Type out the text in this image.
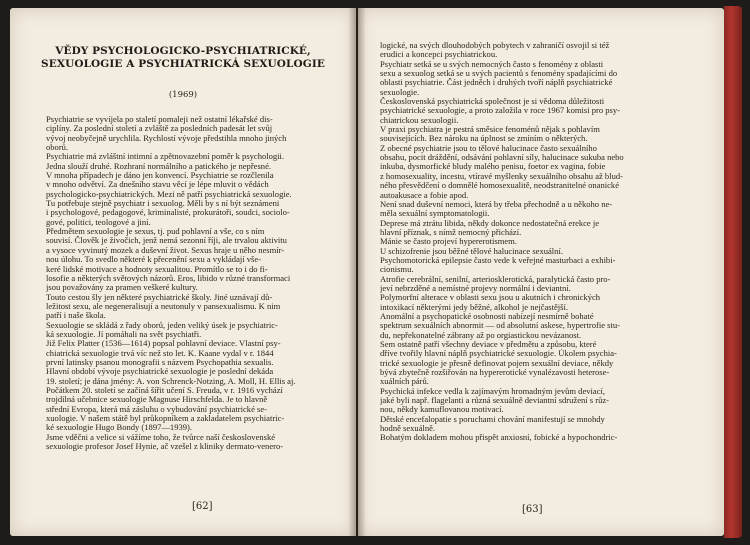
VĚDY PSYCHOLOGICKO-PSYCHIATRICKÉ,
SEXUOLOGIE A PSYCHIATRICKÁ SEXUOLOGIE
(1969)
Psychiatrie se vyvíjela po staletí pomalejі než ostatní lékařské dis-
ciplíny. Za poslední století a zvláště za posledních padesát let svůj
vývoj neobyčejně urychlila. Rychlostí vývoje předstihla mnoho jiných
oborů.
Psychiatrie má zvláštní intimní a zpětnovazební poměr k psychologii.
Jedna slouží druhé. Rozhraní normálního a patického je nepřesné.
V mnoha případech je dáno jen konvencí. Psychiatrie se rozčlenila
v mnoho odvětví. Za dnešního stavu věcí je lépe mluvit o vědách
psychologicko-psychiatrických. Mezi ně patří psychiatrická sexuologie.
Tu potřebuje stejně psychiatr i sexuolog. Měli by s ní být seznámeni
i psychologové, pedagogové, kriminalisté, prokurátoři, soudci, sociolo-
gové, politici, teologové a jiní.
Předmětem sexuologie je sexus, tj. pud pohlavní a vše, co s ním
souvisí. Člověk je živočich, jenž nemá sezonní říji, ale trvalou aktivitu
a vysoce vyvinutý mozek a duševní život. Sexus hraje u něho nesmír-
nou úlohu. To svedlo některé k přecenění sexu a vykládají vše-
keré lidské motivace a hodnoty sexualitou. Promítlo se to i do fi-
losofie a některých světových názorů. Eros, libido v různé transformaci
jsou považovány za pramen veškeré kultury.
Touto cestou šly jen některé psychiatrické školy. Jiné uznávají dů-
ležitost sexu, ale negeneralisují a neutonuly v pansexualismu. K nim
patří i naše škola.
Sexuologie se skládá z řady oborů, jeden veliký úsek je psychiatric-
ká sexuologie. Jí pomáhali na svět psychiatři.
Již Felix Platter (1536—1614) popsal pohlavní deviace. Vlastní psy-
chiatrická sexuologie trvá víc než sto let. K. Kaane vydal v r. 1844
první latinsky psanou monografii s názvem Psychopathia sexualis.
Hlavní období vývoje psychiatrické sexuologie je poslední dekáda
19. století; je dána jmény: A. von Schrenck-Notzing, A. Moll, H. Ellis aj.
Počátkem 20. století se začíná šířit učení S. Freuda, v r. 1916 vychází
trojdílná učebnice sexuologie Magnuse Hirschfelda. Je to hlavně
střední Evropa, která má zásluhu o vybudování psychiatrické se-
xuologie. V našem státě byl průkopníkem a zakladatelem psychiatric-
ké sexuologie Hugo Bondy (1897—1939).
Jsme vděčni a velice si vážíme toho, že tvůrce naší československé
sexuologie profesor Josef Hynie, ač vzešel z kliniky dermato-venero-
[62]
logické, na svých dlouhodobých pobytech v zahraničí osvojil si též
erudici a koncepci psychiatrickou.
Psychiatr setká se u svých nemocných často s fenomény z oblasti
sexu a sexuolog setká se u svých pacientů s fenomény spadajícími do
oblasti psychiatrie. Část jedněch i druhých tvoří náplň psychiatrické
sexuologie.
Československá psychiatrická společnost je si vědoma důležitosti
psychiatrické sexuologie, a proto založila v roce 1967 komisi pro psy-
chiatrickou sexuologii.
V praxi psychiatra je pestrá směsice fenoménů nějak s pohlavím
souvisejících. Bez nároku na úplnost se zmíním o některých.
Z obecné psychiatrie jsou to tělové halucinace často sexuálního
obsahu, pocit dráždění, odsávání pohlavní síly, halucinace sukuba nebo
inkuba, dysmorfické bludy malého penisu, foetor ex vagina, fobie
z homosexuality, incestu, vtíravé myšlenky sexuálního obsahu až blud-
ného přesvědčení o domnělé homosexualitě, neodstranitelné onanické
autoakusace a fobie apod.
Není snad duševní nemoci, která by třeba přechodně a u někoho ne-
měla sexuální symptomatologii.
Deprese má ztrátu libida, někdy dokonce nedostatečná erekce je
hlavní příznak, s nímž nemocný přichází.
Mánie se často projeví hypererotismem.
U schizofrenie jsou běžné tělové halucinace sexuální.
Psychomotorická epilepsie často vede k veřejné masturbaci a exhibi-
cionismu.
Atrofie cerebrální, senilní, arteriosklerotická, paralytická často pro-
jeví nebrzděné a nemístné projevy normální i deviantní.
Polymorfní alterace v oblasti sexu jsou u akutních i chronických
intoxikací některými jedy běžné, alkohol je nejčastější.
Anomální a psychopatické osobnosti nabízejí nesmírně bohaté
spektrum sexuálních abnormit — od absolutní askese, hypertrofie stu-
du, nepřekonatelné zábrany až po orgiastickou nevázanost.
Sem ostatně patří všechny deviace v předmětu a způsobu, které
dříve tvořily hlavní náplň psychiatrické sexuologie. Úkolem psychia-
trické sexuologie je přesně definovat pojem sexuální deviace, někdy
bývá zbytečně rozšiřován na hypererotické vynalézavosti heterose-
xuálních párů.
Psychická infekce vedla k zajímavým hromadným jevům deviací,
jaké byli např. flagelanti a různá sexuálně deviantní sdružení s růz-
nou, někdy kamuflovanou motivací.
Dětské encefalopatie s poruchami chování manifestují se mnohdy
hodně sexuálně.
Bohatým dokladem mohou přispět anxiosní, fobické a hypochondric-
[63]
